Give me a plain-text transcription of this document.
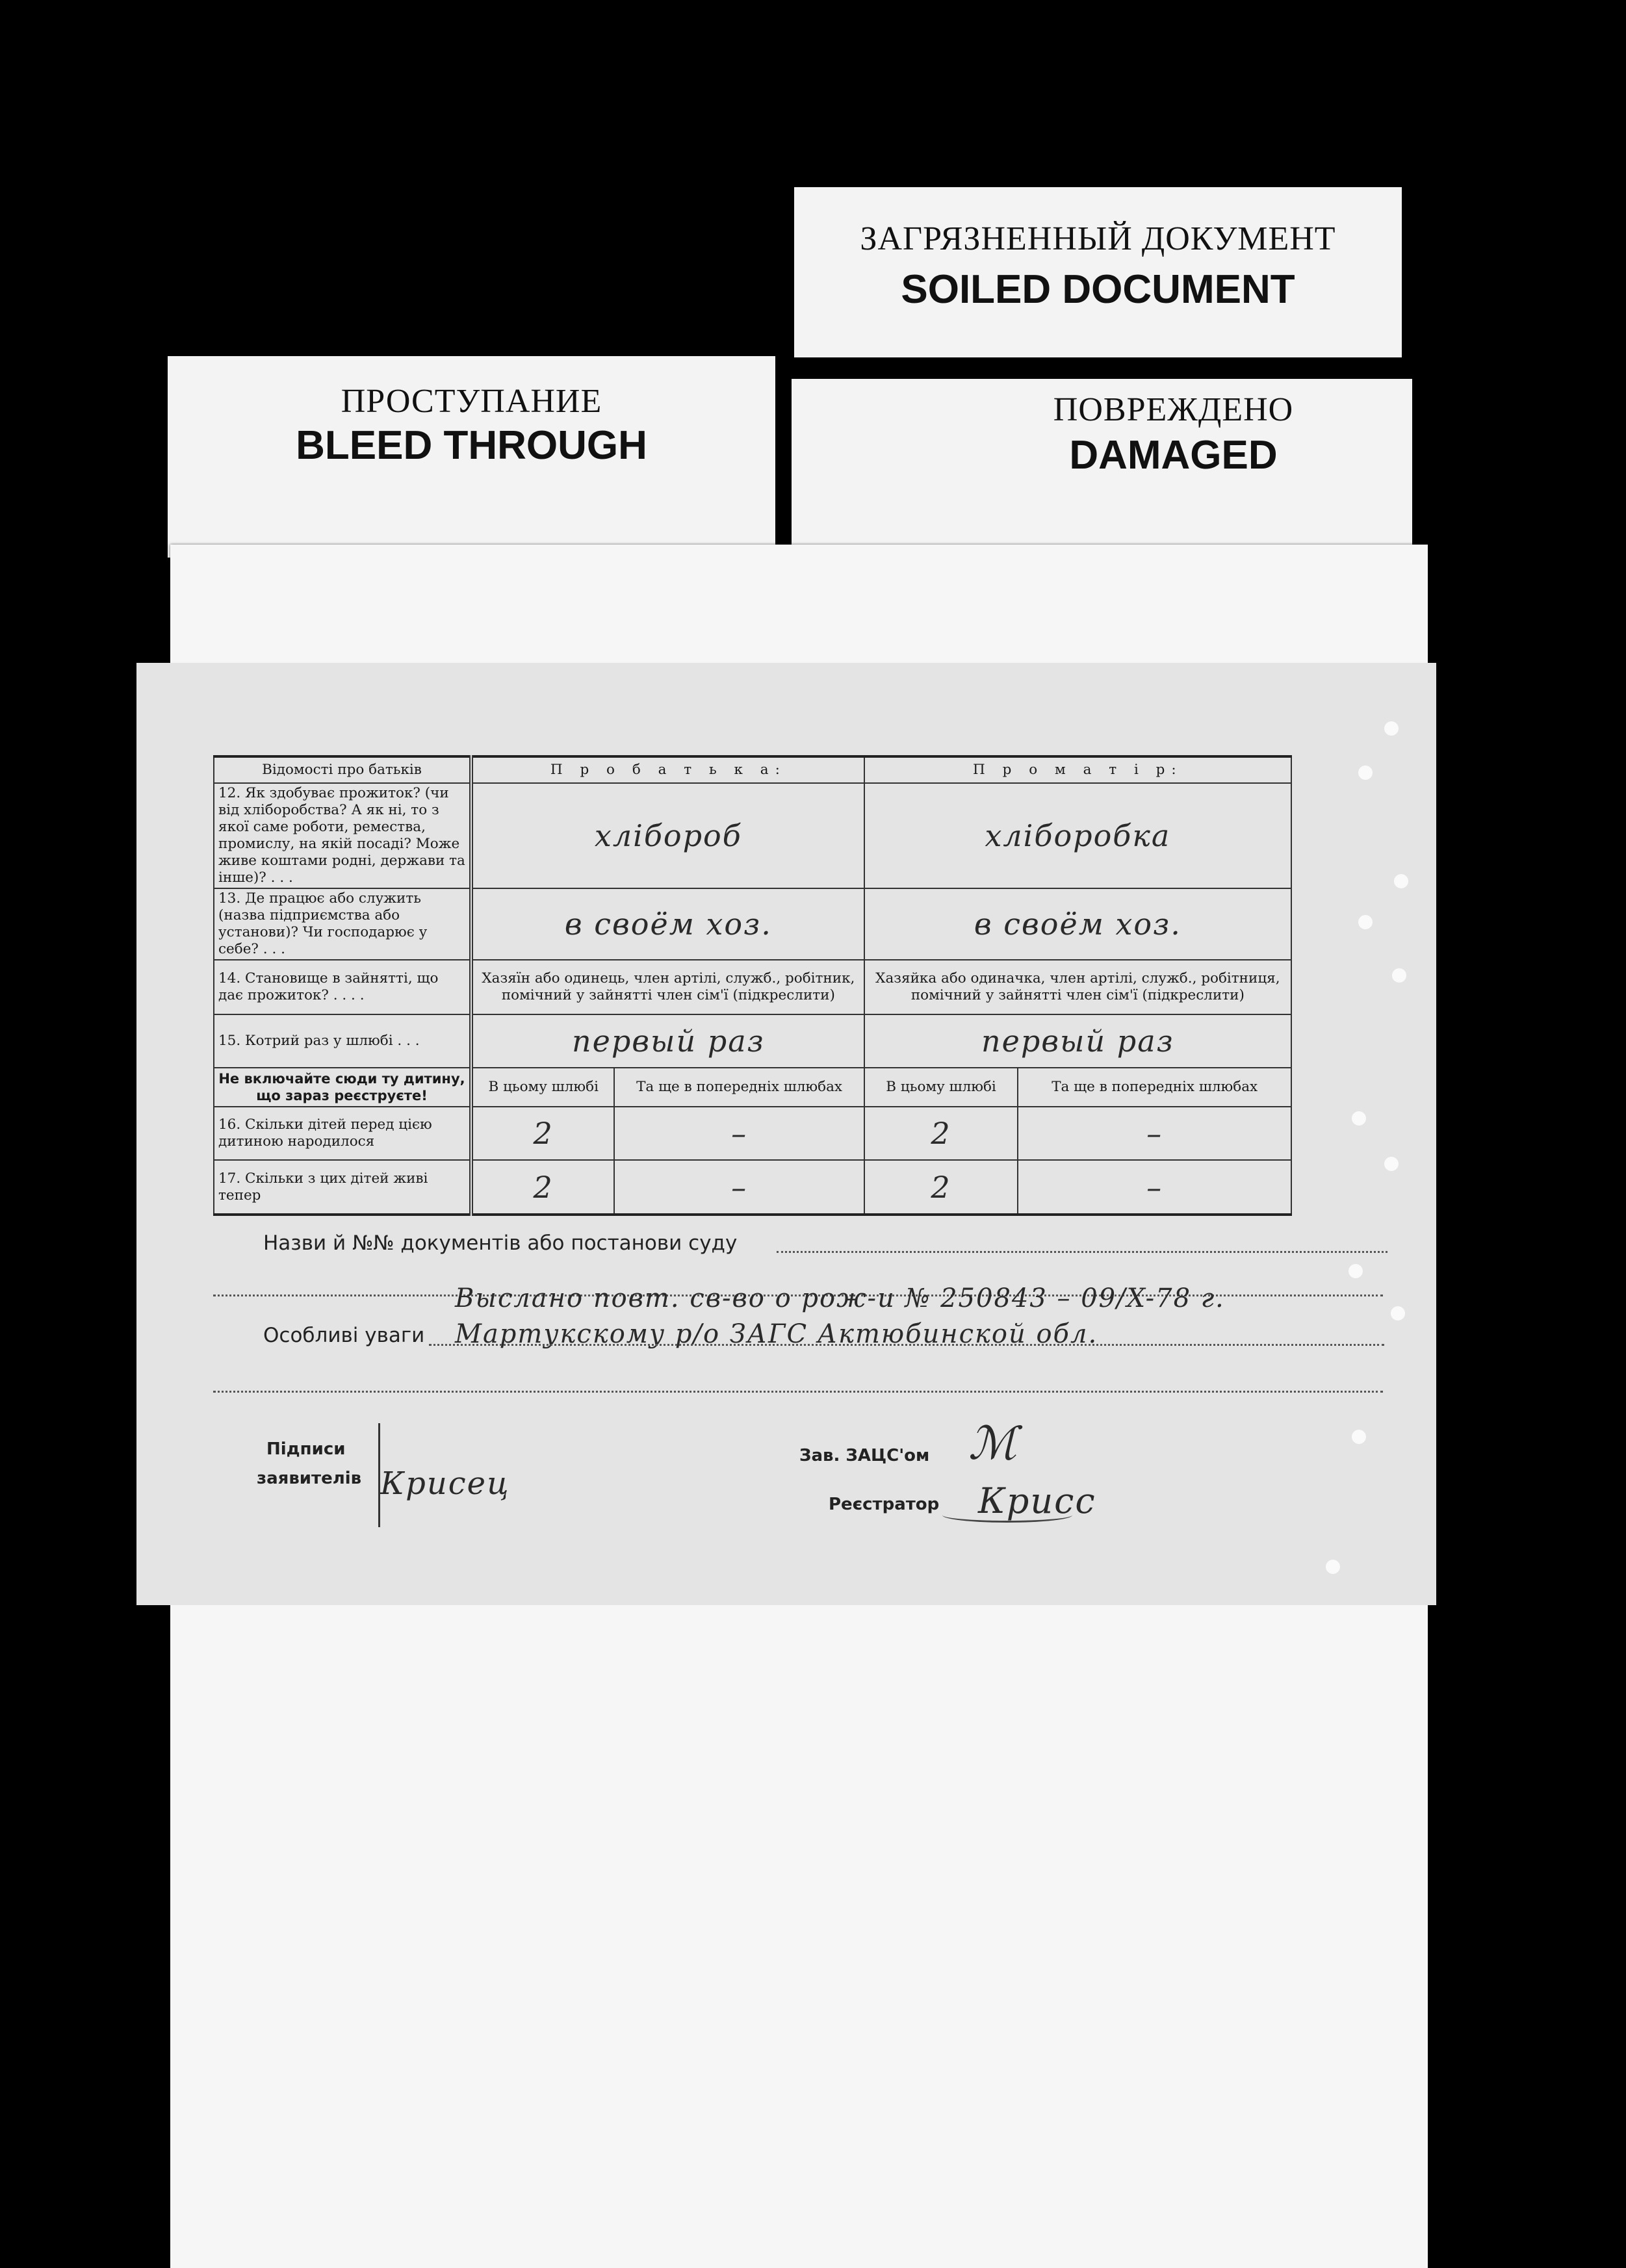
ЗАГРЯЗНЕННЫЙ ДОКУМЕНТ
SOILED DOCUMENT
ПРОСТУПАНИЕ
BLEED THROUGH
ПОВРЕЖДЕНО
DAMAGED
Відомості про батьків	П р о б а т ь к а:		П р о м а т і р:	
12. Як здобуває прожиток? (чи від хліборобства? А як ні, то з якої саме роботи, ремества, промислу, на якій посаді? Може живе коштами родні, держави та інше)? . . .	хлібороб		хліборобка	
13. Де працює або служить (назва підприємства або установи)? Чи господарює у себе? . . .	в своём хоз.		в своём хоз.	
14. Становище в зайнятті, що дає прожиток? . . . .	Хазяїн або одинець, член артілі, служб., робітник, помічний у зайнятті член сім'ї (підкреслити)		Хазяйка або одиначка, член артілі, служб., робітниця, помічний у зайнятті член сім'ї (підкреслити)	
15. Котрий раз у шлюбі . . .	первый раз		первый раз	
Не включайте сюди ту дитину, що зараз реєструєте!	В цьому шлюбі	Та ще в попередніх шлюбах	В цьому шлюбі	Та ще в попередніх шлюбах
16. Скільки дітей перед цією дитиною народилося	2	–	2	–
17. Скільки з цих дітей живі тепер	2	–	2	–
Назви й №№ документів або постанови суду
Выслано повт. св-во о рож-и № 250843 – 09/X-78 г.
Особливі уваги Мартукскому р/о ЗАГС Актюбинской обл.
Підписи
заявителів Крисец
Зав. ЗАЦС'ом ℳ
Реєстратор Крисс
